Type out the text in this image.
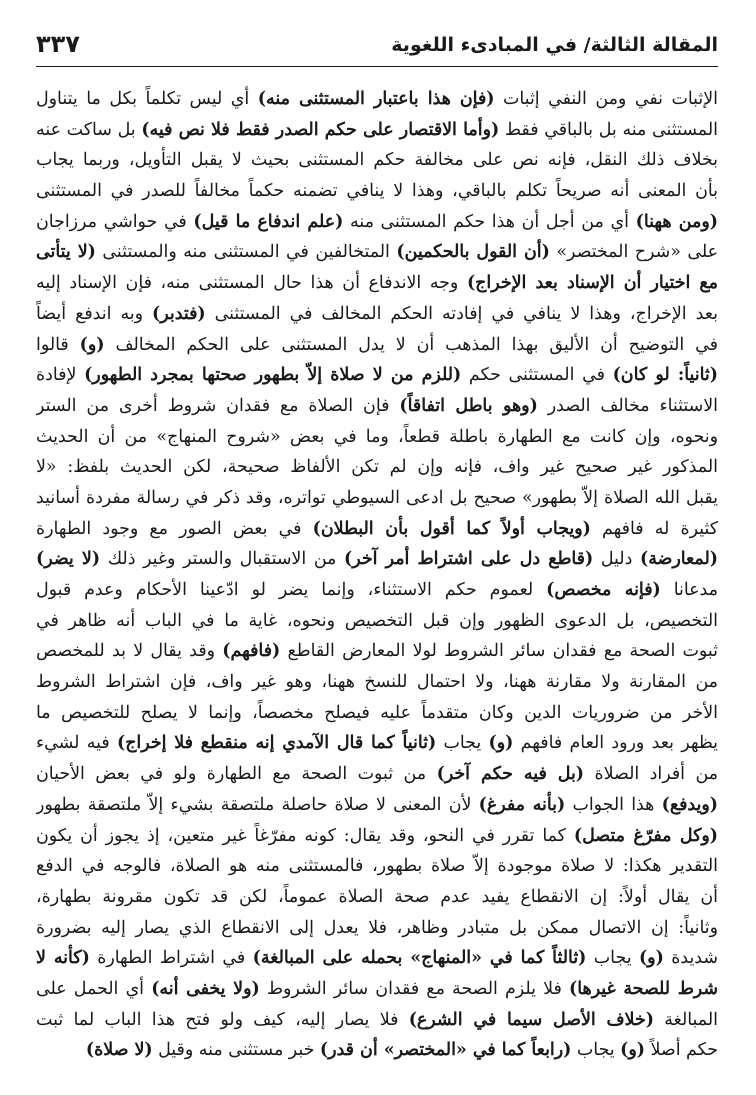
المقالة الثالثة/ في المبادىء اللغوية
٣٣٧
الإثبات نفي ومن النفي إثبات (فإن هذا باعتبار المستثنى منه) أي ليس تكلماً بكل ما يتناول
المستثنى منه بل بالباقي فقط (وأما الاقتصار على حكم الصدر فقط فلا نص فيه) بل ساكت عنه
بخلاف ذلك النقل، فإنه نص على مخالفة حكم المستثنى بحيث لا يقبل التأويل، وربما يجاب
بأن المعنى أنه صريحاً تكلم بالباقي، وهذا لا ينافي تضمنه حكماً مخالفاً للصدر في المستثنى
(ومن ههنا) أي من أجل أن هذا حكم المستثنى منه (علم اندفاع ما قيل) في حواشي مرزاجان
على «شرح المختصر» (أن القول بالحكمين) المتخالفين في المستثنى منه والمستثنى (لا يتأتى
مع اختيار أن الإسناد بعد الإخراج) وجه الاندفاع أن هذا حال المستثنى منه، فإن الإسناد إليه
بعد الإخراج، وهذا لا ينافي في إفادته الحكم المخالف في المستثنى (فتدبر) وبه اندفع أيضاً
في التوضيح أن الأليق بهذا المذهب أن لا يدل المستثنى على الحكم المخالف (و) قالوا
(ثانياً: لو كان) في المستثنى حكم (للزم من لا صلاة إلاّ بطهور صحتها بمجرد الطهور) لإفادة
الاستثناء مخالف الصدر (وهو باطل اتفاقاً) فإن الصلاة مع فقدان شروط أخرى من الستر
ونحوه، وإن كانت مع الطهارة باطلة قطعاً، وما في بعض «شروح المنهاج» من أن الحديث
المذكور غير صحيح غير واف، فإنه وإن لم تكن الألفاظ صحيحة، لكن الحديث بلفظ: «لا
يقبل الله الصلاة إلاّ بطهور» صحيح بل ادعى السيوطي تواتره، وقد ذكر في رسالة مفردة أسانيد
كثيرة له فافهم (ويجاب أولاً كما أقول بأن البطلان) في بعض الصور مع وجود الطهارة
(لمعارضة) دليل (قاطع دل على اشتراط أمر آخر) من الاستقبال والستر وغير ذلك (لا يضر)
مدعانا (فإنه مخصص) لعموم حكم الاستثناء، وإنما يضر لو ادّعينا الأحكام وعدم قبول
التخصيص، بل الدعوى الظهور وإن قبل التخصيص ونحوه، غاية ما في الباب أنه ظاهر في
ثبوت الصحة مع فقدان سائر الشروط لولا المعارض القاطع (فافهم) وقد يقال لا بد للمخصص
من المقارنة ولا مقارنة ههنا، ولا احتمال للنسخ ههنا، وهو غير واف، فإن اشتراط الشروط
الأخر من ضروريات الدين وكان متقدماً عليه فيصلح مخصصاً، وإنما لا يصلح للتخصيص ما
يظهر بعد ورود العام فافهم (و) يجاب (ثانياً كما قال الآمدي إنه منقطع فلا إخراج) فيه لشيء
من أفراد الصلاة (بل فيه حكم آخر) من ثبوت الصحة مع الطهارة ولو في بعض الأحيان
(ويدفع) هذا الجواب (بأنه مفرغ) لأن المعنى لا صلاة حاصلة ملتصقة بشيء إلاّ ملتصقة بطهور
(وكل مفرّغ متصل) كما تقرر في النحو، وقد يقال: كونه مفرّغاً غير متعين، إذ يجوز أن يكون
التقدير هكذا: لا صلاة موجودة إلاّ صلاة بطهور، فالمستثنى منه هو الصلاة، فالوجه في الدفع
أن يقال أولاً: إن الانقطاع يفيد عدم صحة الصلاة عموماً، لكن قد تكون مقرونة بطهارة،
وثانياً: إن الاتصال ممكن بل متبادر وظاهر، فلا يعدل إلى الانقطاع الذي يصار إليه بضرورة
شديدة (و) يجاب (ثالثاً كما في «المنهاج» بحمله على المبالغة) في اشتراط الطهارة (كأنه لا
شرط للصحة غيرها) فلا يلزم الصحة مع فقدان سائر الشروط (ولا يخفى أنه) أي الحمل على
المبالغة (خلاف الأصل سيما في الشرع) فلا يصار إليه، كيف ولو فتح هذا الباب لما ثبت
حكم أصلاً (و) يجاب (رابعاً كما في «المختصر» أن قدر) خبر مستثنى منه وقيل (لا صلاة)
